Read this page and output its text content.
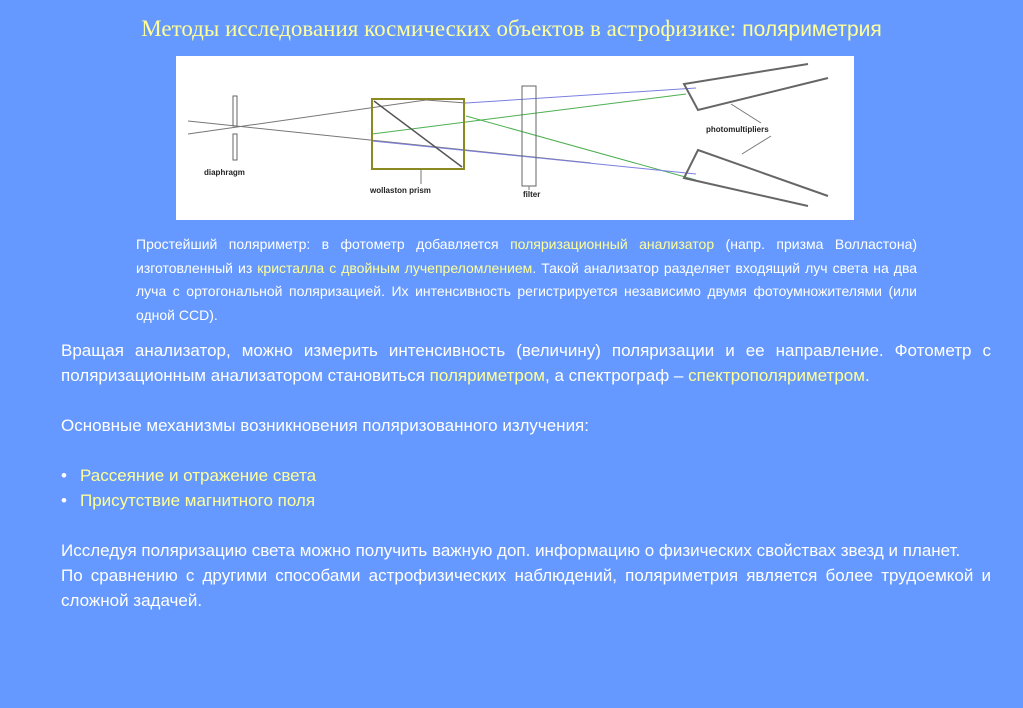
Методы исследования космических объектов в астрофизике: поляриметрия
diaphragm
wollaston prism	filter
photomultipliers
Простейший поляриметр: в фотометр добавляется поляризационный анализатор (напр. призма Волластона) изготовленный из кристалла с двойным лучепреломлением. Такой анализатор разделяет входящий луч света на два луча с ортогональной поляризацией. Их интенсивность регистрируется независимо двумя фотоумножителями (или одной CCD).

Вращая анализатор, можно измерить интенсивность (величину) поляризации и ее направление. Фотометр с поляризационным анализатором становиться поляриметром, а спектрограф – спектрополяриметром.

Основные механизмы возникновения поляризованного излучения:

• Рассеяние и отражение света
• Присутствие магнитного поля

Исследуя поляризацию света можно получить важную доп. информацию о физических свойствах звезд и планет.

По сравнению с другими способами астрофизических наблюдений, поляриметрия является более трудоемкой и сложной задачей.
